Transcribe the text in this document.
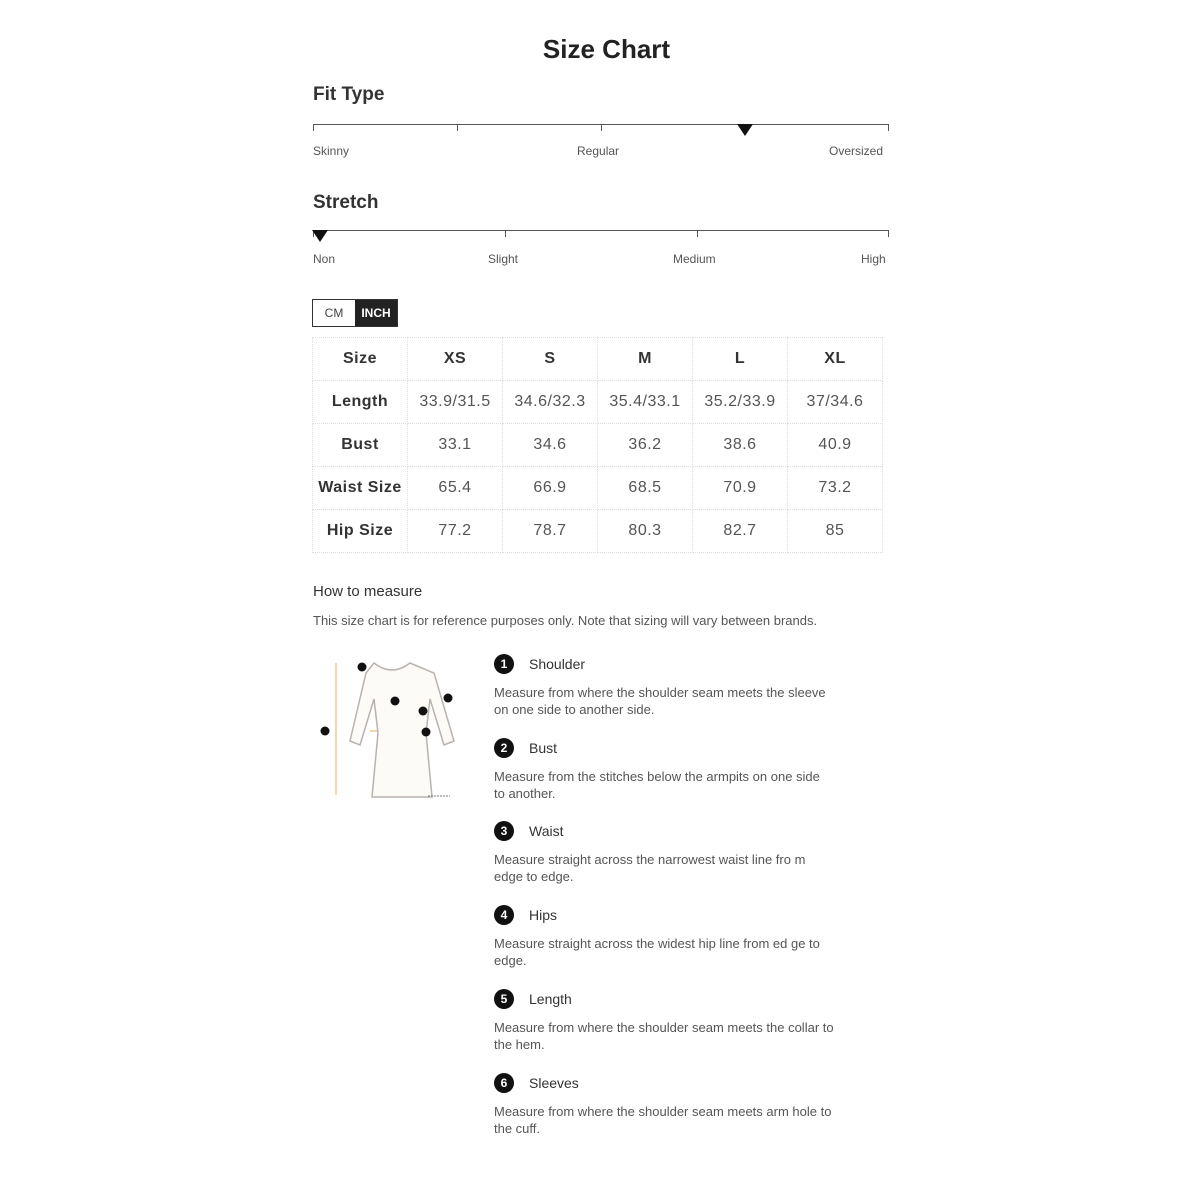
Size Chart
Fit Type
Skinny	Regular	Oversized
Stretch
Non	Slight	Medium	High
CM	INCH
Size	XS	S	M	L	XL
Length	33.9/31.5	34.6/32.3	35.4/33.1	35.2/33.9	37/34.6
Bust	33.1	34.6	36.2	38.6	40.9
Waist Size	65.4	66.9	68.5	70.9	73.2
Hip Size	77.2	78.7	80.3	82.7	85
How to measure
This size chart is for reference purposes only. Note that sizing will vary between brands.
1	Shoulder
Measure from where the shoulder seam meets the sleeve on one side to another side.
2	Bust
Measure from the stitches below the armpits on one side to another.
3	Waist
Measure straight across the narrowest waist line fro m edge to edge.
4	Hips
Measure straight across the widest hip line from ed ge to edge.
5	Length
Measure from where the shoulder seam meets the collar to the hem.
6	Sleeves
Measure from where the shoulder seam meets arm hole to the cuff.
